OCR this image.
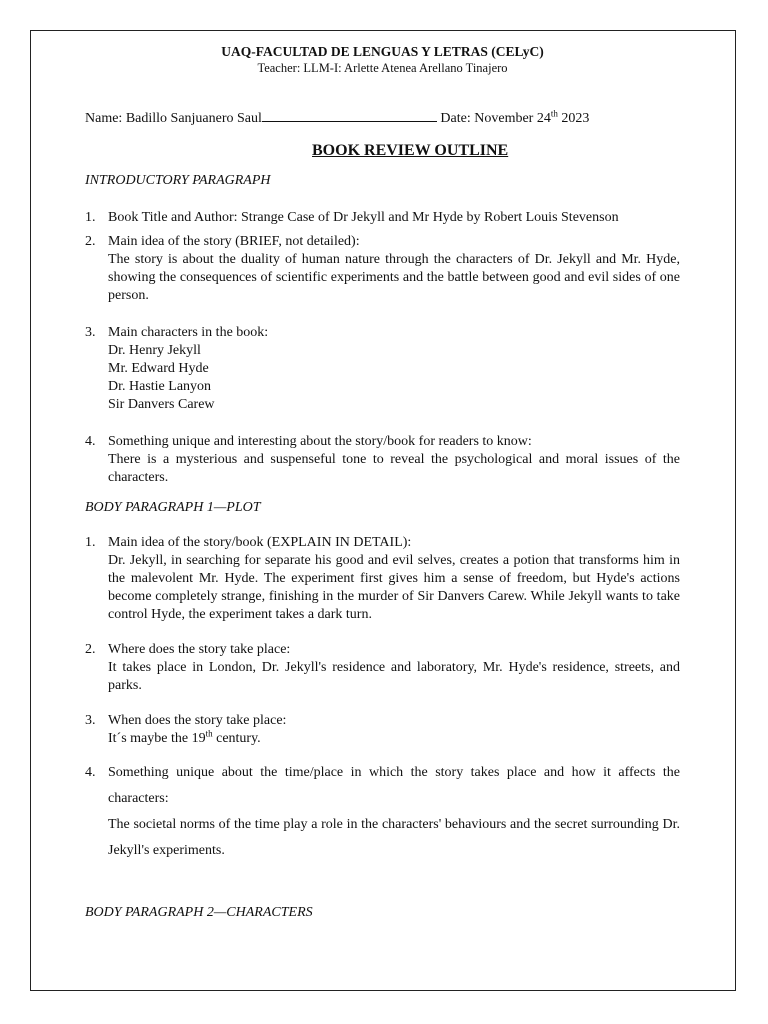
UAQ-FACULTAD DE LENGUAS Y LETRAS (CELyC)
Teacher: LLM-I: Arlette Atenea Arellano Tinajero
Name: Badillo Sanjuanero Saul	Date: November 24th 2023
BOOK REVIEW OUTLINE
INTRODUCTORY PARAGRAPH
1. Book Title and Author: Strange Case of Dr Jekyll and Mr Hyde by Robert Louis Stevenson
2. Main idea of the story (BRIEF, not detailed):
The story is about the duality of human nature through the characters of Dr. Jekyll and Mr. Hyde, showing the consequences of scientific experiments and the battle between good and evil sides of one person.
3. Main characters in the book:
Dr. Henry Jekyll
Mr. Edward Hyde
Dr. Hastie Lanyon
Sir Danvers Carew
4. Something unique and interesting about the story/book for readers to know:
There is a mysterious and suspenseful tone to reveal the psychological and moral issues of the characters.
BODY PARAGRAPH 1—PLOT
1. Main idea of the story/book (EXPLAIN IN DETAIL):
Dr. Jekyll, in searching for separate his good and evil selves, creates a potion that transforms him in the malevolent Mr. Hyde. The experiment first gives him a sense of freedom, but Hyde's actions become completely strange, finishing in the murder of Sir Danvers Carew. While Jekyll wants to take control Hyde, the experiment takes a dark turn.
2. Where does the story take place:
It takes place in London, Dr. Jekyll's residence and laboratory, Mr. Hyde's residence, streets, and parks.
3. When does the story take place:
It´s maybe the 19th century.
4. Something unique about the time/place in which the story takes place and how it affects the characters:
The societal norms of the time play a role in the characters' behaviours and the secret surrounding Dr. Jekyll's experiments.
BODY PARAGRAPH 2—CHARACTERS
